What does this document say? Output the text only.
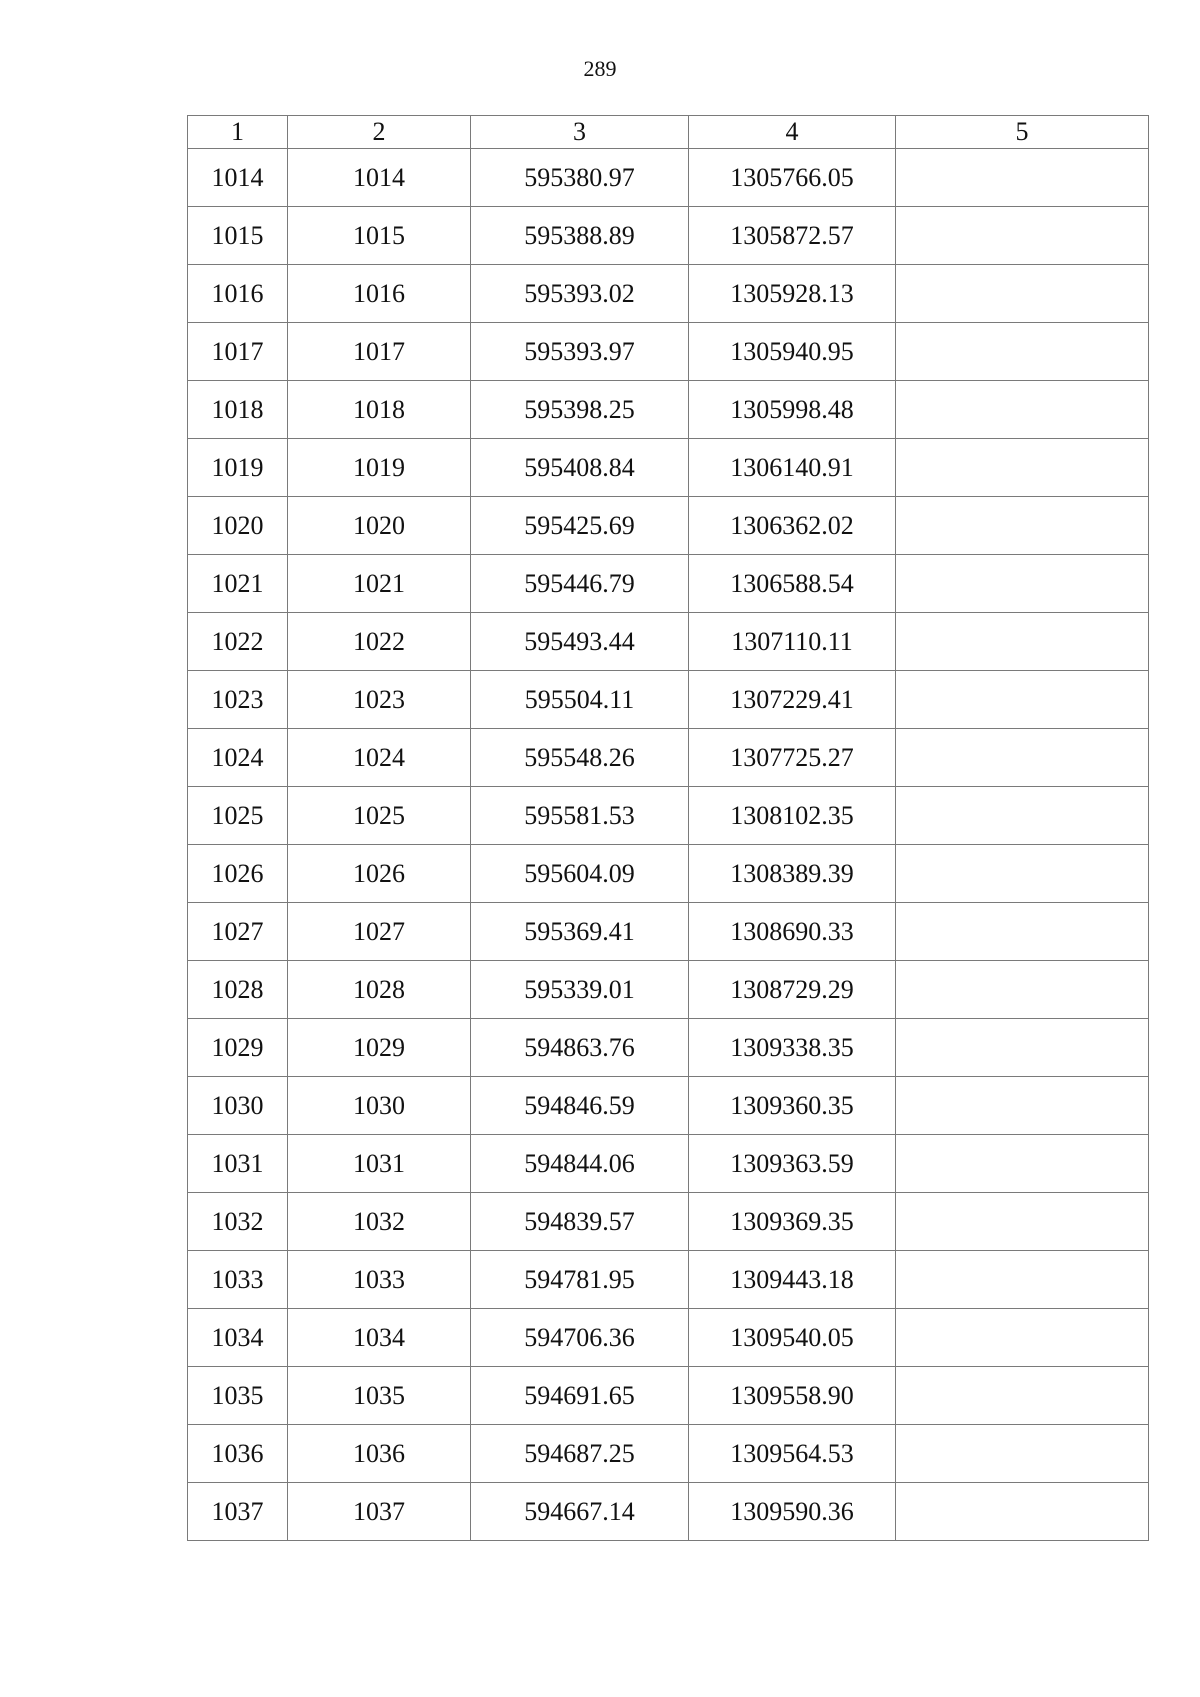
289
1	2	3	4	5
1014	1014	595380.97	1305766.05	
1015	1015	595388.89	1305872.57	
1016	1016	595393.02	1305928.13	
1017	1017	595393.97	1305940.95	
1018	1018	595398.25	1305998.48	
1019	1019	595408.84	1306140.91	
1020	1020	595425.69	1306362.02	
1021	1021	595446.79	1306588.54	
1022	1022	595493.44	1307110.11	
1023	1023	595504.11	1307229.41	
1024	1024	595548.26	1307725.27	
1025	1025	595581.53	1308102.35	
1026	1026	595604.09	1308389.39	
1027	1027	595369.41	1308690.33	
1028	1028	595339.01	1308729.29	
1029	1029	594863.76	1309338.35	
1030	1030	594846.59	1309360.35	
1031	1031	594844.06	1309363.59	
1032	1032	594839.57	1309369.35	
1033	1033	594781.95	1309443.18	
1034	1034	594706.36	1309540.05	
1035	1035	594691.65	1309558.90	
1036	1036	594687.25	1309564.53	
1037	1037	594667.14	1309590.36	
